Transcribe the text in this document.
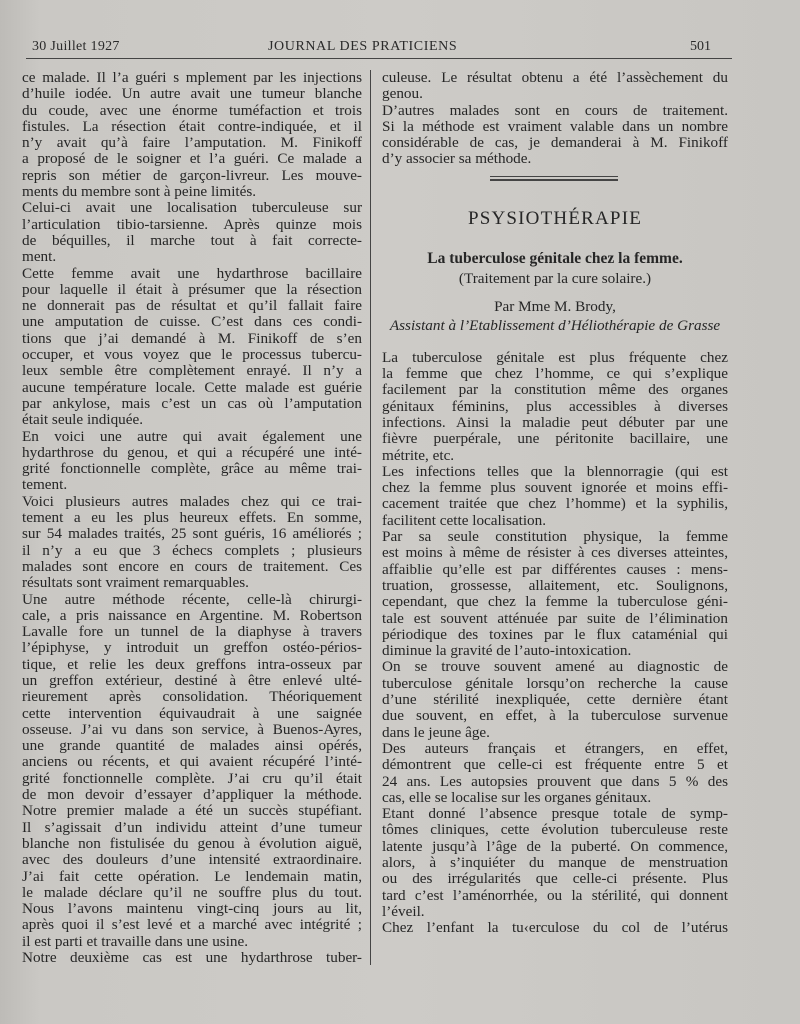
30 Juillet 1927	JOURNAL DES PRATICIENS	501
ce malade. Il l’a guéri s mplement par les injections
d’huile iodée. Un autre avait une tumeur blanche
du coude, avec une énorme tuméfaction et trois
fistules. La résection était contre-indiquée, et il
n’y avait qu’à faire l’amputation. M. Finikoff
a proposé de le soigner et l’a guéri. Ce malade a
repris son métier de garçon-livreur. Les mouve-
ments du membre sont à peine limités.
Celui-ci avait une localisation tuberculeuse sur
l’articulation tibio-tarsienne. Après quinze mois
de béquilles, il marche tout à fait correcte-
ment.
Cette femme avait une hydarthrose bacillaire
pour laquelle il était à présumer que la résection
ne donnerait pas de résultat et qu’il fallait faire
une amputation de cuisse. C’est dans ces condi-
tions que j’ai demandé à M. Finikoff de s’en
occuper, et vous voyez que le processus tubercu-
leux semble être complètement enrayé. Il n’y a
aucune température locale. Cette malade est guérie
par ankylose, mais c’est un cas où l’amputation
était seule indiquée.
En voici une autre qui avait également une
hydarthrose du genou, et qui a récupéré une inté-
grité fonctionnelle complète, grâce au même trai-
tement.
Voici plusieurs autres malades chez qui ce trai-
tement a eu les plus heureux effets. En somme,
sur 54 malades traités, 25 sont guéris, 16 améliorés ;
il n’y a eu que 3 échecs complets ; plusieurs
malades sont encore en cours de traitement. Ces
résultats sont vraiment remarquables.
Une autre méthode récente, celle-là chirurgi-
cale, a pris naissance en Argentine. M. Robertson
Lavalle fore un tunnel de la diaphyse à travers
l’épiphyse, y introduit un greffon ostéo-périos-
tique, et relie les deux greffons intra-osseux par
un greffon extérieur, destiné à être enlevé ulté-
rieurement après consolidation. Théoriquement
cette intervention équivaudrait à une saignée
osseuse. J’ai vu dans son service, à Buenos-Ayres,
une grande quantité de malades ainsi opérés,
anciens ou récents, et qui avaient récupéré l’inté-
grité fonctionnelle complète. J’ai cru qu’il était
de mon devoir d’essayer d’appliquer la méthode.
Notre premier malade a été un succès stupéfiant.
Il s’agissait d’un individu atteint d’une tumeur
blanche non fistulisée du genou à évolution aiguë,
avec des douleurs d’une intensité extraordinaire.
J’ai fait cette opération. Le lendemain matin,
le malade déclare qu’il ne souffre plus du tout.
Nous l’avons maintenu vingt-cinq jours au lit,
après quoi il s’est levé et a marché avec intégrité ;
il est parti et travaille dans une usine.
Notre deuxième cas est une hydarthrose tuber-
culeuse. Le résultat obtenu a été l’assèchement du
genou.
D’autres malades sont en cours de traitement.
Si la méthode est vraiment valable dans un nombre
considérable de cas, je demanderai à M. Finikoff
d’y associer sa méthode.
PSYSIOTHÉRAPIE
La tuberculose génitale chez la femme.
(Traitement par la cure solaire.)
Par Mme M. Brody,
Assistant à l’Etablissement d’Héliothérapie de Grasse
La tuberculose génitale est plus fréquente chez
la femme que chez l’homme, ce qui s’explique
facilement par la constitution même des organes
génitaux féminins, plus accessibles à diverses
infections. Ainsi la maladie peut débuter par une
fièvre puerpérale, une péritonite bacillaire, une
métrite, etc.
Les infections telles que la blennorragie (qui est
chez la femme plus souvent ignorée et moins effi-
cacement traitée que chez l’homme) et la syphilis,
facilitent cette localisation.
Par sa seule constitution physique, la femme
est moins à même de résister à ces diverses atteintes,
affaiblie qu’elle est par différentes causes : mens-
truation, grossesse, allaitement, etc. Soulignons,
cependant, que chez la femme la tuberculose géni-
tale est souvent atténuée par suite de l’élimination
périodique des toxines par le flux cataménial qui
diminue la gravité de l’auto-intoxication.
On se trouve souvent amené au diagnostic de
tuberculose génitale lorsqu’on recherche la cause
d’une stérilité inexpliquée, cette dernière étant
due souvent, en effet, à la tuberculose survenue
dans le jeune âge.
Des auteurs français et étrangers, en effet,
démontrent que celle-ci est fréquente entre 5 et
24 ans. Les autopsies prouvent que dans 5 % des
cas, elle se localise sur les organes génitaux.
Etant donné l’absence presque totale de symp-
tômes cliniques, cette évolution tuberculeuse reste
latente jusqu’à l’âge de la puberté. On commence,
alors, à s’inquiéter du manque de menstruation
ou des irrégularités que celle-ci présente. Plus
tard c’est l’aménorrhée, ou la stérilité, qui donnent
l’éveil.
Chez l’enfant la tu‹erculose du col de l’utérus
